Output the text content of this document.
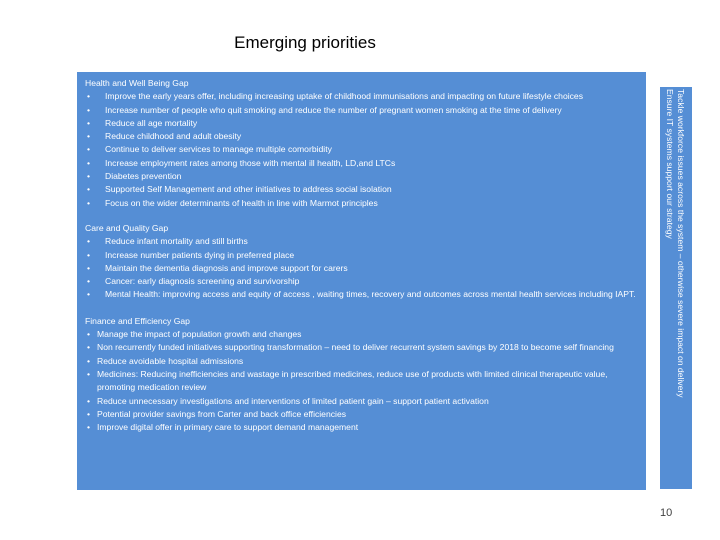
Emerging priorities
Health and Well Being Gap
• Improve the early years offer, including increasing uptake of childhood immunisations and impacting on future lifestyle choices
• Increase number of people who quit smoking and reduce the number of pregnant women smoking at the time of delivery
• Reduce all age mortality
• Reduce childhood and adult obesity
• Continue to deliver services to manage multiple comorbidity
• Increase employment rates among those with mental ill health, LD,and LTCs
• Diabetes prevention
• Supported Self Management and other initiatives to address social isolation
• Focus on the wider determinants of health in line with Marmot principles
Care and Quality Gap
• Reduce infant mortality and still births
• Increase number patients dying in preferred place
• Maintain the dementia diagnosis and improve support for carers
• Cancer: early diagnosis screening and survivorship
• Mental Health: improving access and equity of access , waiting times, recovery and outcomes across mental health services including IAPT.
Finance and Efficiency Gap
• Manage the impact of population growth and changes
• Non recurrently funded initiatives supporting transformation – need to deliver recurrent system savings by 2018 to become self financing
• Reduce avoidable hospital admissions
• Medicines: Reducing inefficiencies and wastage in prescribed medicines, reduce use of products with limited clinical therapeutic value, promoting medication review
• Reduce unnecessary investigations and interventions of limited patient gain – support patient activation
• Potential provider savings from Carter and back office efficiencies
• Improve digital offer in primary care to support demand management
Tackle workforce issues across the system – otherwise severe impact on delivery
Ensure IT systems support our strategy
10
